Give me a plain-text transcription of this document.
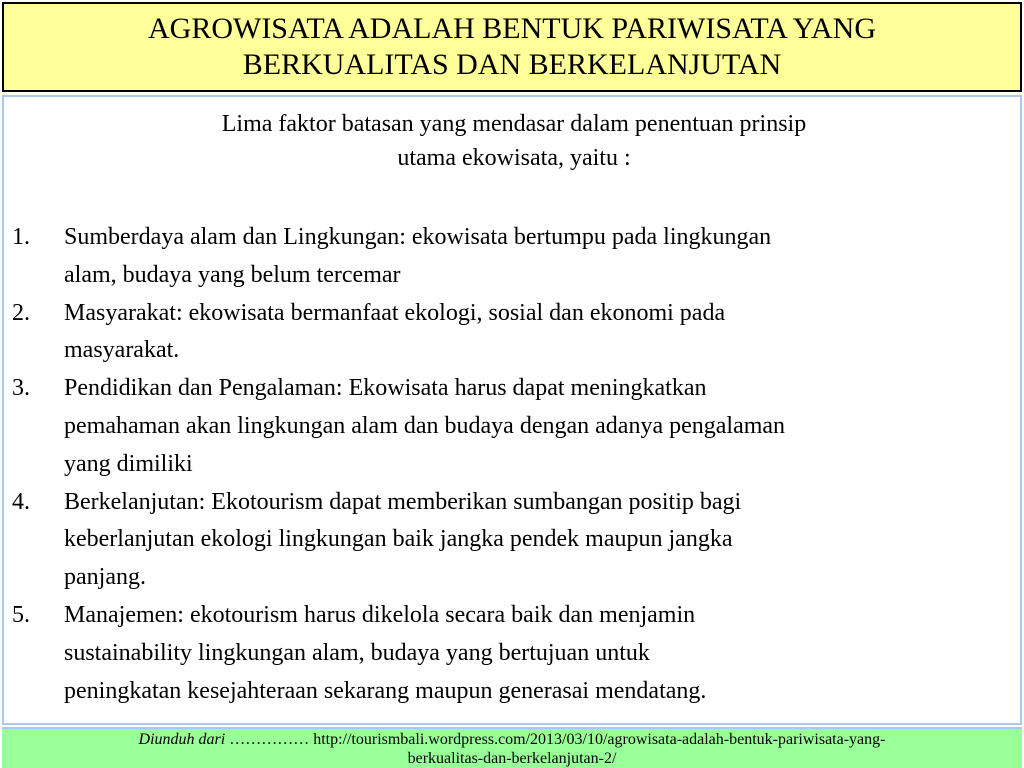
AGROWISATA ADALAH BENTUK PARIWISATA YANG
BERKUALITAS DAN BERKELANJUTAN
Lima faktor batasan yang mendasar dalam penentuan prinsip
utama ekowisata, yaitu :
1. Sumberdaya alam dan Lingkungan: ekowisata bertumpu pada lingkungan
alam, budaya yang belum tercemar
2. Masyarakat: ekowisata bermanfaat ekologi, sosial dan ekonomi pada
masyarakat.
3. Pendidikan dan Pengalaman: Ekowisata harus dapat meningkatkan
pemahaman akan lingkungan alam dan budaya dengan adanya pengalaman
yang dimiliki
4. Berkelanjutan: Ekotourism dapat memberikan sumbangan positip bagi
keberlanjutan ekologi lingkungan baik jangka pendek maupun jangka
panjang.
5. Manajemen: ekotourism harus dikelola secara baik dan menjamin
sustainability lingkungan alam, budaya yang bertujuan untuk
peningkatan kesejahteraan sekarang maupun generasai mendatang.
Diunduh dari …………… http://tourismbali.wordpress.com/2013/03/10/agrowisata-adalah-bentuk-pariwisata-yang-
berkualitas-dan-berkelanjutan-2/
